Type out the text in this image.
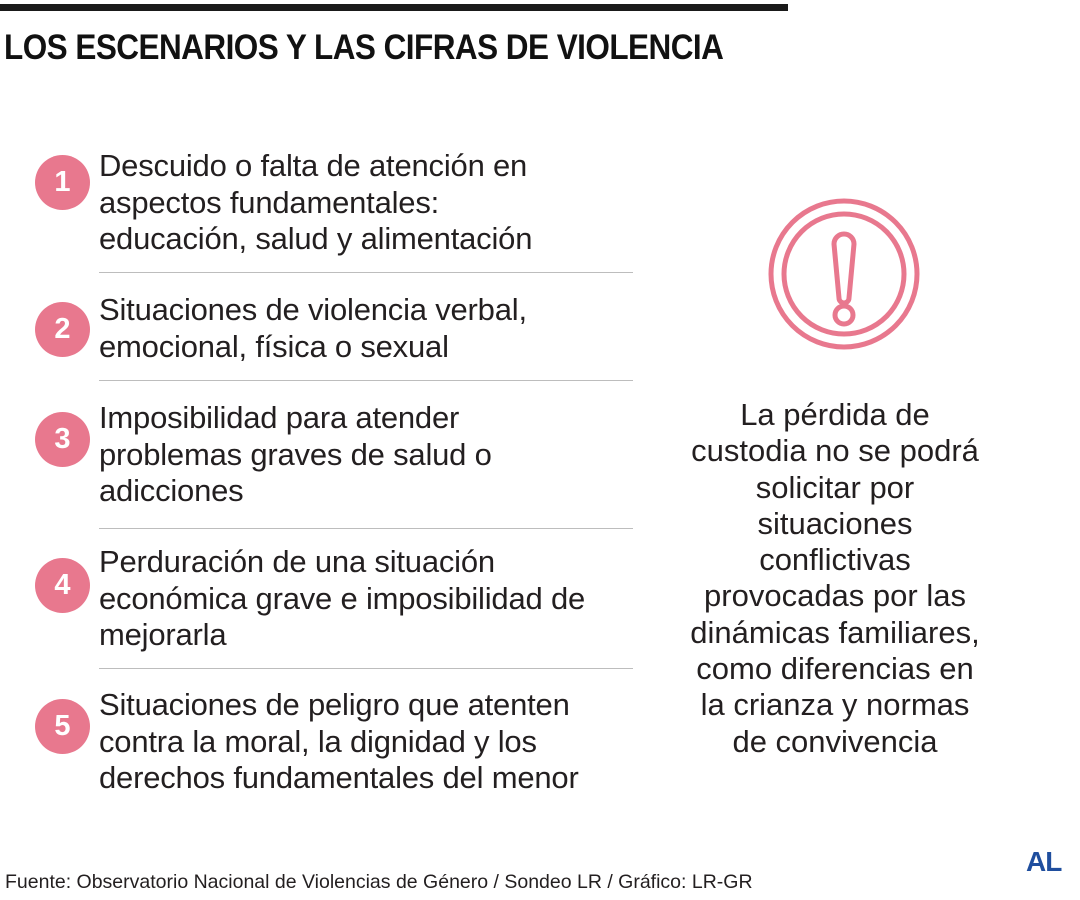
LOS ESCENARIOS Y LAS CIFRAS DE VIOLENCIA
1 Descuido o falta de atención en
aspectos fundamentales:
educación, salud y alimentación

2

Situaciones de violencia verbal,
emocional, física o sexual

3

Imposibilidad para atender
problemas graves de salud o
adicciones

4

Perduración de una situación
económica grave e imposibilidad de
mejorarla

5

Situaciones de peligro que atenten
contra la moral, la dignidad y los
derechos fundamentales del menor

La pérdida de
custodia no se podrá
solicitar por
situaciones
conflictivas
provocadas por las
dinámicas familiares,
como diferencias en
la crianza y normas
de convivencia

Fuente: Observatorio Nacional de Violencias de Género / Sondeo LR / Gráfico: LR-GR

AL
